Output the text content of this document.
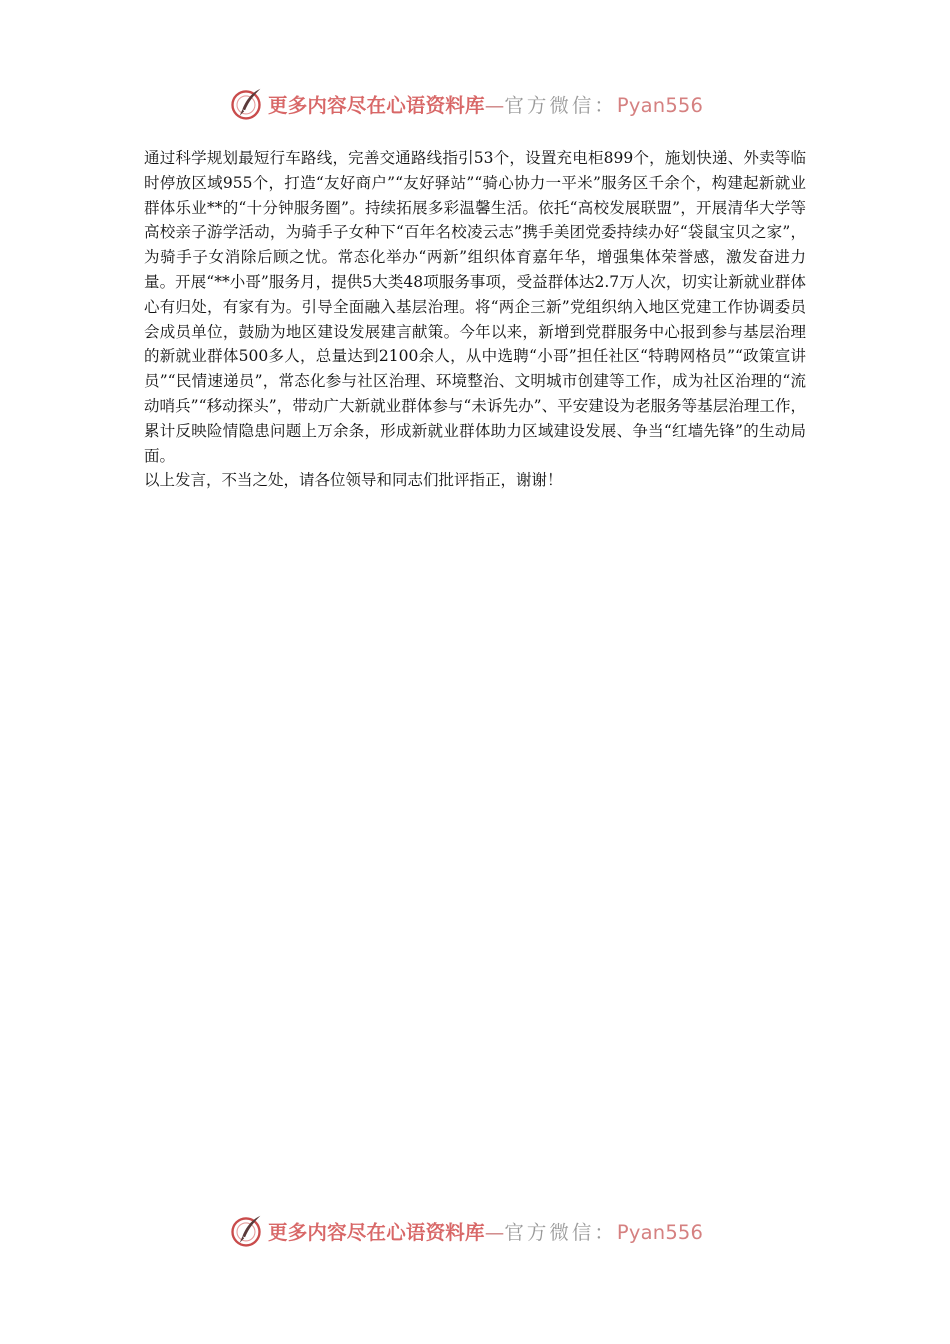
更多内容尽在心语资料库—官方微信：Pyan556

通过科学规划最短行车路线，完善交通路线指引53个，设置充电柜899个，施划快递、外卖等临时停放区域955个，打造“友好商户”“友好驿站”“骑心协力一平米”服务区千余个，构建起新就业群体乐业**的“十分钟服务圈”。持续拓展多彩温馨生活。依托“高校发展联盟”，开展清华大学等高校亲子游学活动，为骑手子女种下“百年名校凌云志”携手美团党委持续办好“袋鼠宝贝之家”，为骑手子女消除后顾之忧。常态化举办“两新”组织体育嘉年华，增强集体荣誉感，激发奋进力量。开展“**小哥”服务月，提供5大类48项服务事项，受益群体达2.7万人次，切实让新就业群体心有归处，有家有为。引导全面融入基层治理。将“两企三新”党组织纳入地区党建工作协调委员会成员单位，鼓励为地区建设发展建言献策。今年以来，新增到党群服务中心报到参与基层治理的新就业群体500多人，总量达到2100余人，从中选聘“小哥”担任社区“特聘网格员”“政策宣讲员”“民情速递员”，常态化参与社区治理、环境整治、文明城市创建等工作，成为社区治理的“流动哨兵”“移动探头”，带动广大新就业群体参与“未诉先办”、平安建设为老服务等基层治理工作，累计反映险情隐患问题上万余条，形成新就业群体助力区域建设发展、争当“红墙先锋”的生动局面。

以上发言，不当之处，请各位领导和同志们批评指正，谢谢！

更多内容尽在心语资料库—官方微信：Pyan556
